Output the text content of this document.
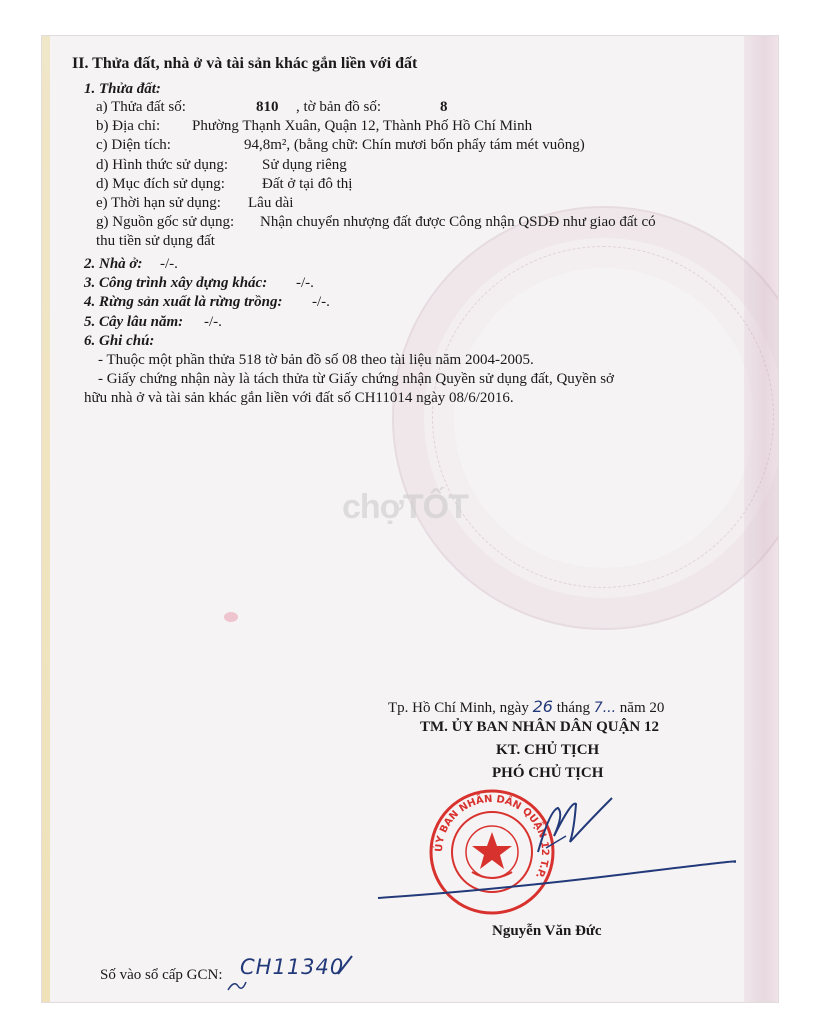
chợTỐT
II. Thửa đất, nhà ở và tài sản khác gắn liền với đất
1. Thửa đất:
a) Thửa đất số:	810 , tờ bản đồ số:	8
b) Địa chỉ: Phường Thạnh Xuân, Quận 12, Thành Phố Hồ Chí Minh
c) Diện tích:	94,8m², (bằng chữ: Chín mươi bốn phẩy tám mét vuông)
d) Hình thức sử dụng: Sử dụng riêng
d) Mục đích sử dụng: Đất ở tại đô thị
e) Thời hạn sử dụng: Lâu dài
g) Nguồn gốc sử dụng: Nhận chuyển nhượng đất được Công nhận QSDĐ như giao đất có
thu tiền sử dụng đất
2. Nhà ở: -/-.
3. Công trình xây dựng khác: -/-.
4. Rừng sản xuất là rừng trồng: -/-.
5. Cây lâu năm: -/-.
6. Ghi chú:
- Thuộc một phần thửa 518 tờ bản đồ số 08 theo tài liệu năm 2004-2005.
- Giấy chứng nhận này là tách thửa từ Giấy chứng nhận Quyền sử dụng đất, Quyền sở
hữu nhà ở và tài sản khác gắn liền với đất số CH11014 ngày 08/6/2016.
Tp. Hồ Chí Minh, ngày 26 tháng 7... năm 20
TM. ỦY BAN NHÂN DÂN QUẬN 12
KT. CHỦ TỊCH
PHÓ CHỦ TỊCH
ỦY BAN NHÂN DÂN QUẬN 12 T.P.
Nguyễn Văn Đức
Số vào sổ cấp GCN: CH11340
